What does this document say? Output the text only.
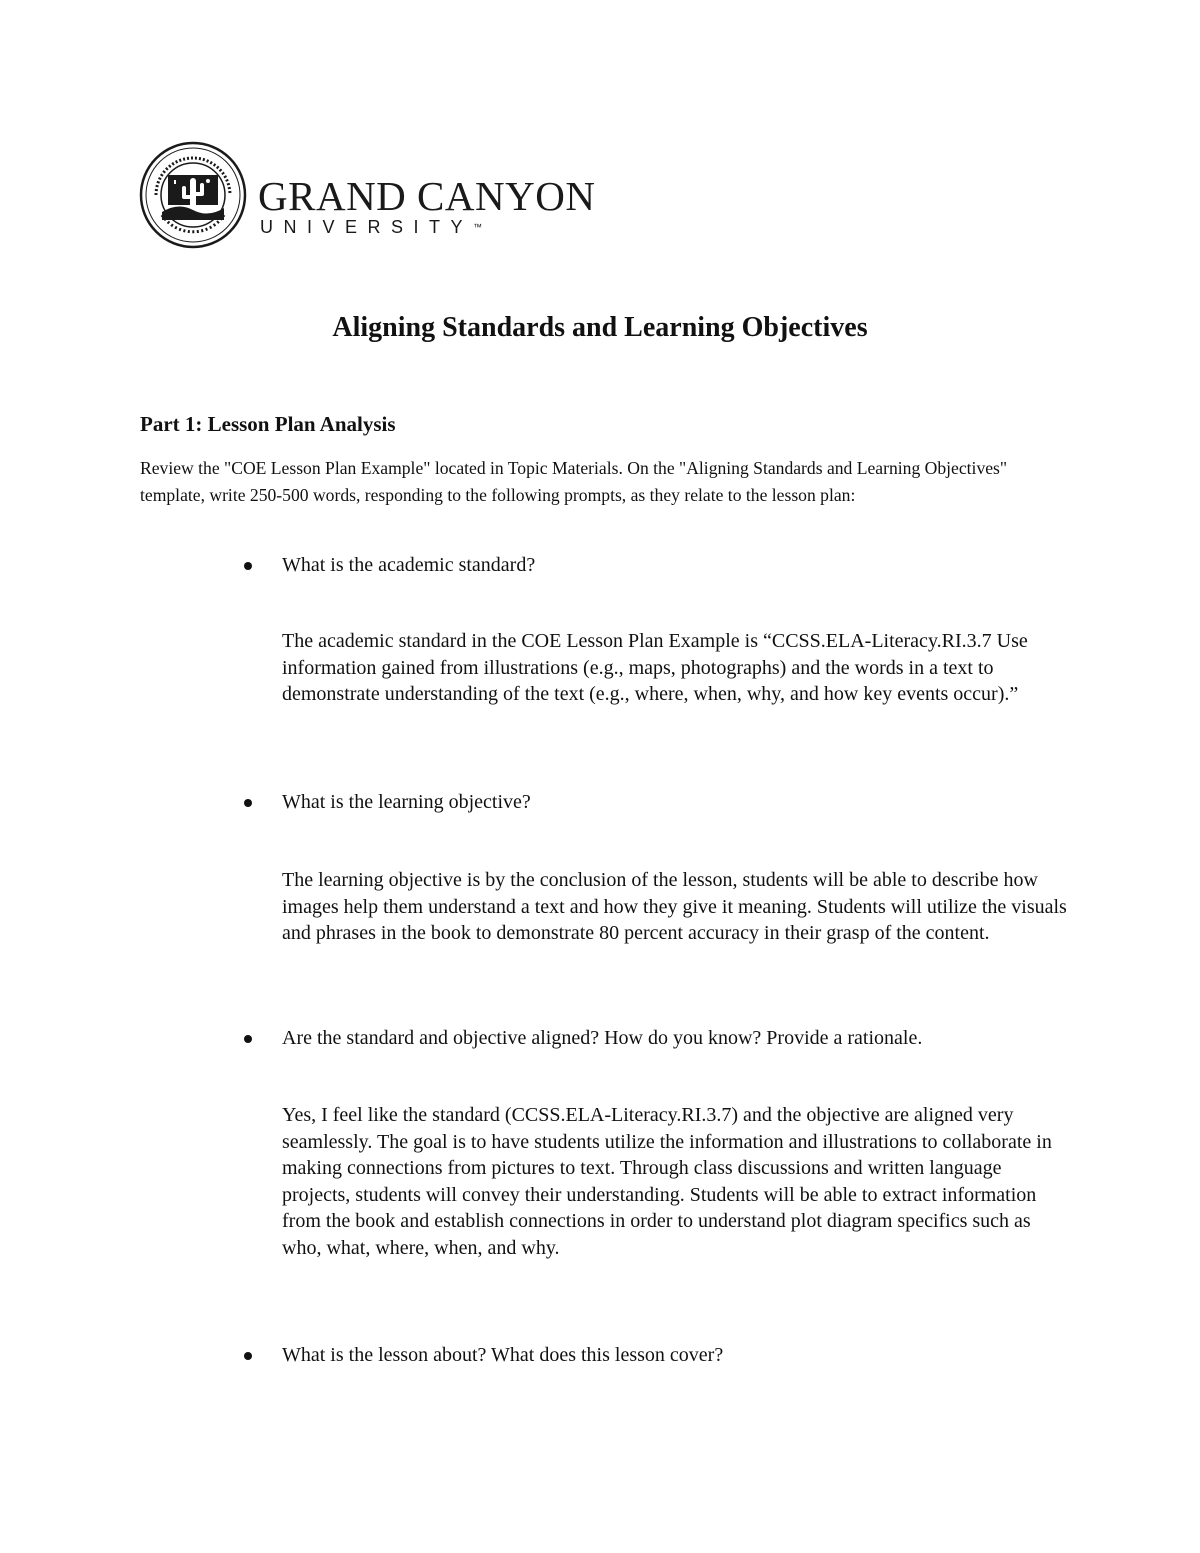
GRAND CANYON
UNIVERSITY™
Aligning Standards and Learning Objectives
Part 1: Lesson Plan Analysis
Review the "COE Lesson Plan Example" located in Topic Materials. On the "Aligning Standards and Learning Objectives" template, write 250-500 words, responding to the following prompts, as they relate to the lesson plan:
What is the academic standard?

The academic standard in the COE Lesson Plan Example is “CCSS.ELA-Literacy.RI.3.7 Use information gained from illustrations (e.g., maps, photographs) and the words in a text to demonstrate understanding of the text (e.g., where, when, why, and how key events occur).”

What is the learning objective?

The learning objective is by the conclusion of the lesson, students will be able to describe how images help them understand a text and how they give it meaning. Students will utilize the visuals and phrases in the book to demonstrate 80 percent accuracy in their grasp of the content.

Are the standard and objective aligned? How do you know? Provide a rationale.

Yes, I feel like the standard (CCSS.ELA-Literacy.RI.3.7) and the objective are aligned very seamlessly. The goal is to have students utilize the information and illustrations to collaborate in making connections from pictures to text. Through class discussions and written language projects, students will convey their understanding. Students will be able to extract information from the book and establish connections in order to understand plot diagram specifics such as who, what, where, when, and why.

What is the lesson about? What does this lesson cover?
